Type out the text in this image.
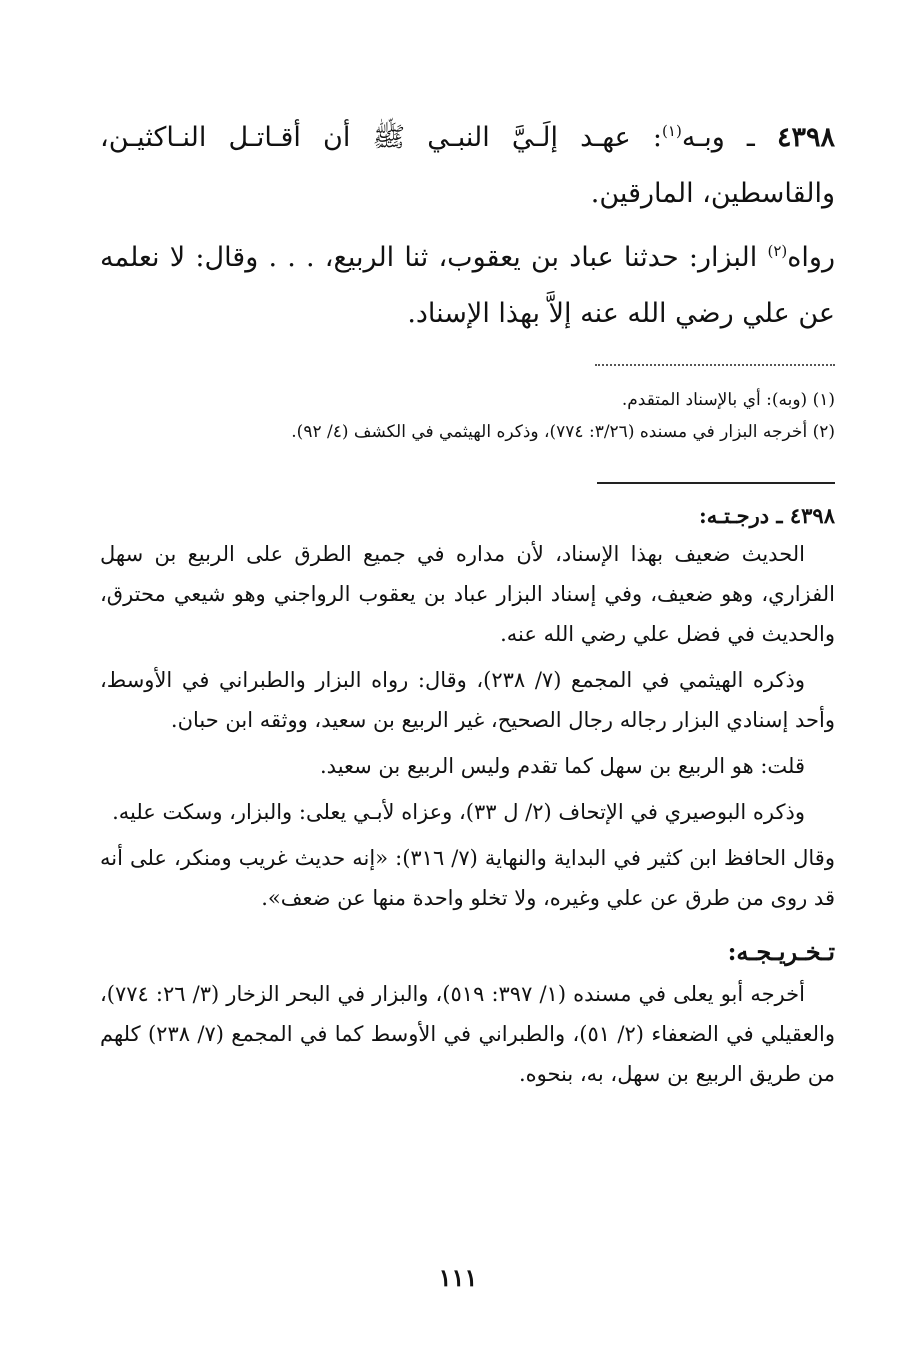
٤٣٩٨ ـ وبـه$^{(١)}$: عهـد إلَـيَّ النبـي ﷺ أن أقـاتـل النـاكثيـن، والقاسطين، المارقين.

رواه$^{(٢)}$ البزار: حدثنا عباد بن يعقوب، ثنا الربيع، . . . وقال: لا نعلمه عن علي رضي الله عنه إلاَّ بهذا الإسناد.

(١) (وبه): أي بالإسناد المتقدم.

(٢) أخرجه البزار في مسنده (٣/٢٦: ٧٧٤)، وذكره الهيثمي في الكشف (٤/ ٩٢).

٤٣٩٨ ـ درجـتـه:

الحديث ضعيف بهذا الإسناد، لأن مداره في جميع الطرق على الربيع بن سهل الفزاري، وهو ضعيف، وفي إسناد البزار عباد بن يعقوب الرواجني وهو شيعي محترق، والحديث في فضل علي رضي الله عنه.

وذكره الهيثمي في المجمع (٧/ ٢٣٨)، وقال: رواه البزار والطبراني في الأوسط، وأحد إسنادي البزار رجاله رجال الصحيح، غير الربيع بن سعيد، ووثقه ابن حبان.

قلت: هو الربيع بن سهل كما تقدم وليس الربيع بن سعيد.

وذكره البوصيري في الإتحاف (٢/ ل ٣٣)، وعزاه لأبـي يعلى: والبزار، وسكت عليه.

وقال الحافظ ابن كثير في البداية والنهاية (٧/ ٣١٦): «إنه حديث غريب ومنكر، على أنه قد روى من طرق عن علي وغيره، ولا تخلو واحدة منها عن ضعف».

تـخـريـجـه:

أخرجه أبو يعلى في مسنده (١/ ٣٩٧: ٥١٩)، والبزار في البحر الزخار (٣/ ٢٦: ٧٧٤)، والعقيلي في الضعفاء (٢/ ٥١)، والطبراني في الأوسط كما في المجمع (٧/ ٢٣٨) كلهم من طريق الربيع بن سهل، به، بنحوه.

١١١
